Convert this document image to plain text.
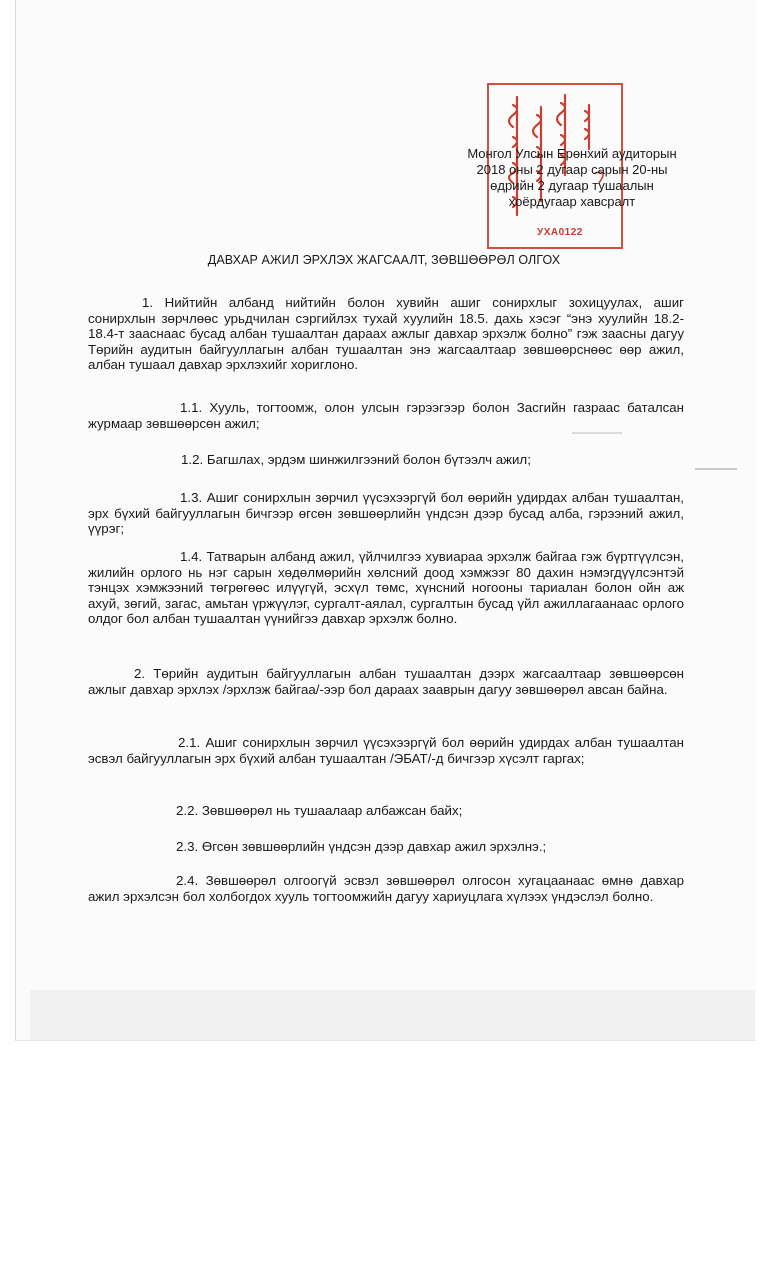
УХА0122
Монгол Улсын Ерөнхий аудиторын
2018 оны 2 дугаар сарын 20-ны
өдрийн 2 дугаар тушаалын
хоёрдугаар хавсралт
ДАВХАР АЖИЛ ЭРХЛЭХ ЖАГСААЛТ, ЗӨВШӨӨРӨЛ ОЛГОХ
1. Нийтийн албанд нийтийн болон хувийн ашиг сонирхлыг зохицуулах, ашиг сонирхлын зөрчлөөс урьдчилан сэргийлэх тухай хуулийн 18.5. дахь хэсэг “энэ хуулийн 18.2-18.4-т зааснаас бусад албан тушаалтан дараах ажлыг давхар эрхэлж болно” гэж заасны дагуу Төрийн аудитын байгууллагын албан тушаалтан энэ жагсаалтаар зөвшөөрснөөс өөр ажил, албан тушаал давхар эрхлэхийг хориглоно.
1.1. Хууль, тогтоомж, олон улсын гэрээгээр болон Засгийн газраас баталсан журмаар зөвшөөрсөн ажил;
1.2. Багшлах, эрдэм шинжилгээний болон бүтээлч ажил;
1.3. Ашиг сонирхлын зөрчил үүсэхээргүй бол өөрийн удирдах албан тушаалтан, эрх бүхий байгууллагын бичгээр өгсөн зөвшөөрлийн үндсэн дээр бусад алба, гэрээний ажил, үүрэг;
1.4. Татварын албанд ажил, үйлчилгээ хувиараа эрхэлж байгаа гэж бүртгүүлсэн, жилийн орлого нь нэг сарын хөдөлмөрийн хөлсний доод хэмжээг 80 дахин нэмэгдүүлсэнтэй тэнцэх хэмжээний төгрөгөөс илүүгүй, эсхүл төмс, хүнсний ногооны тариалан болон ойн аж ахуй, зөгий, загас, амьтан үржүүлэг, сургалт-аялал, сургалтын бусад үйл ажиллагаанаас орлого олдог бол албан тушаалтан үүнийгээ давхар эрхэлж болно.
2. Төрийн аудитын байгууллагын албан тушаалтан дээрх жагсаалтаар зөвшөөрсөн ажлыг давхар эрхлэх /эрхлэж байгаа/-ээр бол дараах зааврын дагуу зөвшөөрөл авсан байна.
2.1. Ашиг сонирхлын зөрчил үүсэхээргүй бол өөрийн удирдах албан тушаалтан эсвэл байгууллагын эрх бүхий албан тушаалтан /ЭБАТ/-д бичгээр хүсэлт гаргах;
2.2. Зөвшөөрөл нь тушаалаар албажсан байх;
2.3. Өгсөн зөвшөөрлийн үндсэн дээр давхар ажил эрхэлнэ.;
2.4. Зөвшөөрөл олгоогүй эсвэл зөвшөөрөл олгосон хугацаанаас өмнө давхар ажил эрхэлсэн бол холбогдох хууль тогтоомжийн дагуу хариуцлага хүлээх үндэслэл болно.
